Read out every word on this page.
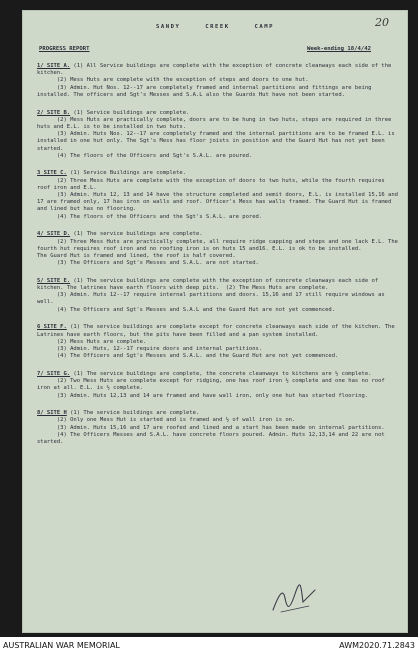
20
SANDY	CREEK	CAMP
PROGRESS REPORT	Week-ending 18/4/42

1/ SITE A. (1) All Service buildings are complete with the exception of concrete cleanways each side of the kitchen.
(2) Mess Huts are complete with the exception of steps and doors to one hut.
(3) Admin. Hut Nos. 12--17 are completely framed and internal partitions and fittings are being installed. The officers and Sgt's Messes and S.A.L also the Guards Hut have not been started.

2/ SITE B. (1) Service buildings are complete.
(2) Mess Huts are practically complete, doors are to be hung in two huts, steps are required in three huts and E.L. is to be installed in two huts.
(3) Admin. Huts Nos. 12--17 are completely framed and the internal partitions are to be framed E.L. is installed in one hut only. The Sgt's Mess has floor joists in position and the Guard Hut has not yet been started.
(4) The floors of the Officers and Sgt's S.A.L. are poured.

3 SITE C. (1) Service Buildings are complete.
(2) Three Mess Huts are complete with the exception of doors to two huts, while the fourth requires roof iron and E.L.
(3) Admin. Huts 12, 13 and 14 have the structure completed and semit doors, E.L. is installed 15,16 and 17 are framed only, 17 has iron on walls and roof. Officer's Mess has walls framed. The Guard Hut is framed and lined but has no flooring.
(4) The floors of the Officers and the Sgt's S.A.L. are pored.

4/ SITE D. (1) The service buildings are complete.
(2) Three Mess Huts are practically complete, all require ridge capping and steps and one lack E.L. The fourth hut requires roof iron and no roofing iron is on huts 15 and16. E.L. is ok to be installed.
The Guard Hut is framed and lined, the roof is half covered.
(3) The Officers and Sgt's Messes and S.A.L. are not started.

5/ SITE E. (1) The service buildings are complete with the exception of concrete cleanways each side of kitchen. The latrines have earth floors with deep pits.  (2) The Mess Huts are complete.
(3) Admin. Huts 12--17 require internal partitions and doors. 15,16 and 17 still require windows as well.
(4) The Officers and Sgt's Messes and S.A.L and the Guard Hut are not yet commenced.

6 SITE F. (1) The service buildings are complete except for concrete cleanways each side of the kitchen. The Latrines have earth floors, but the pits have been filled and a pan system installed.
(2) Mess Huts are complete.
(3) Admin. Huts, 12--17 require doors and internal partitions.
(4) The Officers and Sgt's Messes and S.A.L. and the Guard Hut are not yet commenced.

7/ SITE G. (1) The service buildings are complete, the concrete cleanways to kitchens are ½ complete.
(2) Two Mess Huts are complete except for ridging, one has roof iron ½ complete and one has no roof iron at all. E.L. is ½ complete.
(3) Admin. Huts 12,13 and 14 are framed and have wall iron, only one hut has started flooring.

8/ SITE H (1) The service buildings are complete.
(2) Only one Mess Hut is started and is framed and ½ of wall iron is on.
(3) Admin. Huts 15,16 and 17 are roofed and lined and a start has been made on internal partitions.
(4) The Officers Messes and S.A.L. have concrete floors poured. Admin. Huts 12,13,14 and 22 are not started.

AUSTRALIAN WAR MEMORIAL	AWM2020.71.2843
